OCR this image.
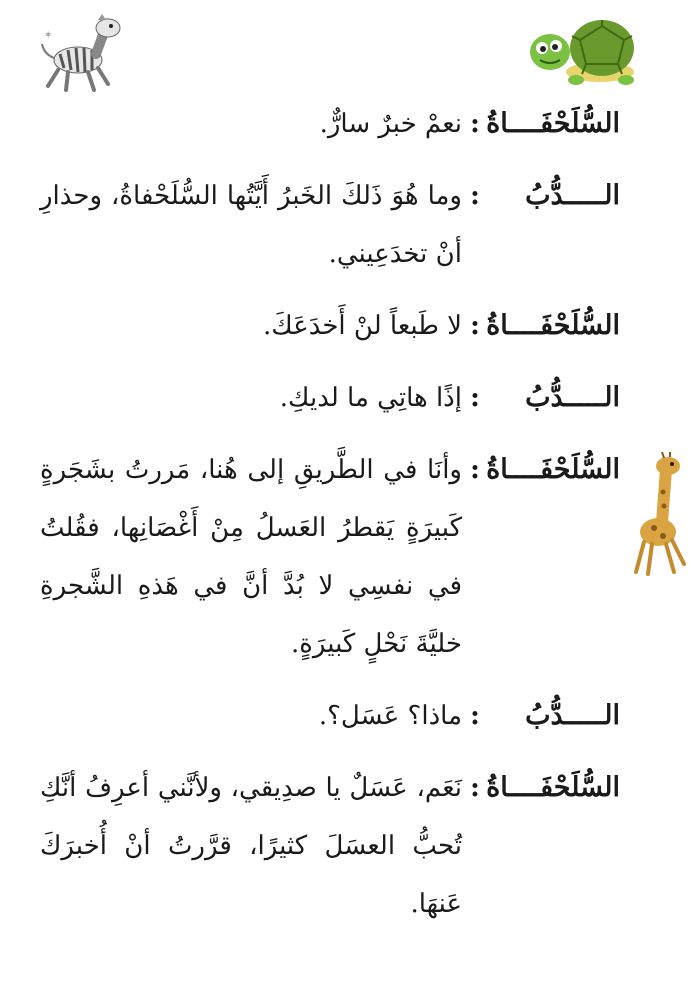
✶
السُّلَحْفَــــاةُ
:
نعمْ خبرٌ سارٌّ.
الـــــدُّبُ
:
وما هُوَ ذَلكَ الخَبرُ أَيَّتُها السُّلَحْفاةُ، وحذارِ أنْ تخدَعِيني.
السُّلَحْفَــــاةُ
:
لا طَبعاً لنْ أَخدَعَكَ.
الـــــدُّبُ
:
إذًا هاتِي ما لديكِ.
السُّلَحْفَــــاةُ
:
وأنَا في الطَّريقِ إلى هُنا، مَررتُ بشَجَرةٍ كَبيرَةٍ يَقطرُ العَسلُ مِنْ أَغْصَانِها، فقُلتُ في نفسِي لا بُدَّ أنَّ في هَذهِ الشَّجرةِ خليَّةَ نَحْلٍ كَبيرَةٍ.
الـــــدُّبُ
:
ماذا؟ عَسَل؟.
السُّلَحْفَــــاةُ
:
نَعَم، عَسَلٌ يا صدِيقي، ولأنَّني أعرِفُ أنَّكِ تُحبُّ العسَلَ كثيرًا، قرَّرتُ أنْ أُخبرَكَ عَنهَا.
